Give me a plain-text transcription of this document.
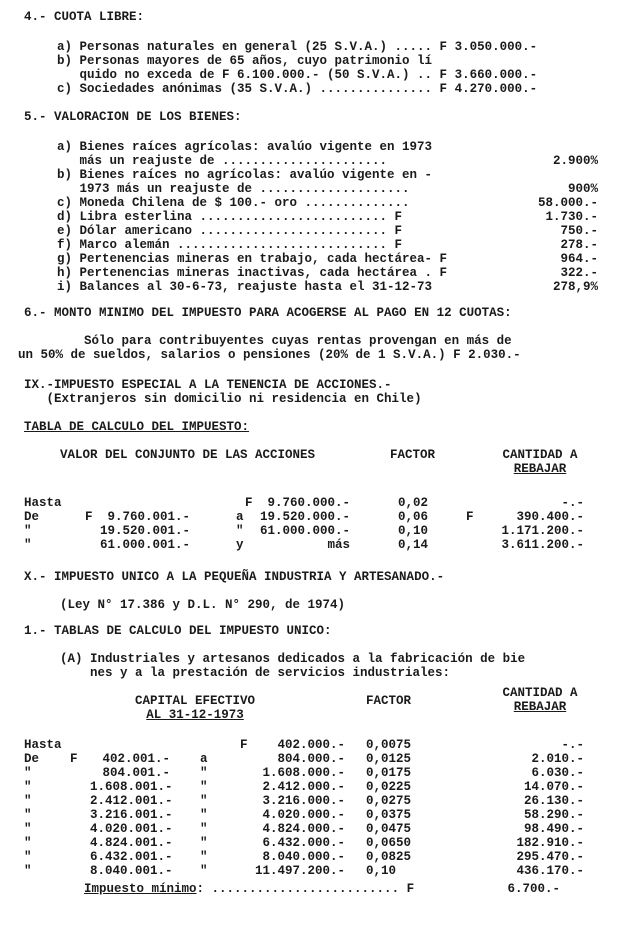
4.- CUOTA LIBRE:
a) Personas naturales en general (25 S.V.A.) ..... F 3.050.000.-
b) Personas mayores de 65 años, cuyo patrimonio lí
quido no exceda de F 6.100.000.- (50 S.V.A.) .. F 3.660.000.-
c) Sociedades anónimas (35 S.V.A.) ............... F 4.270.000.-
5.- VALORACION DE LOS BIENES:
a) Bienes raíces agrícolas: avalúo vigente en 1973
más un reajuste de ......................	2.900%
b) Bienes raíces no agrícolas: avalúo vigente en -
1973 más un reajuste de ....................	900%
c) Moneda Chilena de $ 100.- oro ..............	58.000.-
d) Libra esterlina ......................... F	1.730.-
e) Dólar americano ......................... F	750.-
f) Marco alemán ............................ F	278.-
g) Pertenencias mineras en trabajo, cada hectárea- F	964.-
h) Pertenencias mineras inactivas, cada hectárea . F	322.-
i) Balances al 30-6-73, reajuste hasta el 31-12-73	278,9%
6.- MONTO MINIMO DEL IMPUESTO PARA ACOGERSE AL PAGO EN 12 CUOTAS:
Sólo para contribuyentes cuyas rentas provengan en más de
un 50% de sueldos, salarios o pensiones (20% de 1 S.V.A.) F 2.030.-
IX.-IMPUESTO ESPECIAL A LA TENENCIA DE ACCIONES.-
(Extranjeros sin domicilio ni residencia en Chile)
TABLA DE CALCULO DEL IMPUESTO:
VALOR DEL CONJUNTO DE LAS ACCIONES	FACTOR	CANTIDAD A
REBAJAR
Hasta	F  9.760.000.-	0,02	-.-
De	F  9.760.001.-	a	19.520.000.-	0,06	F	390.400.-
"	19.520.001.-	"	61.000.000.-	0,10	1.171.200.-
"	61.000.001.-	y	más	0,14	3.611.200.-
X.- IMPUESTO UNICO A LA PEQUEÑA INDUSTRIA Y ARTESANADO.-
(Ley N° 17.386 y D.L. N° 290, de 1974)
1.- TABLAS DE CALCULO DEL IMPUESTO UNICO:
(A) Industriales y artesanos dedicados a la fabricación de bie
nes y a la prestación de servicios industriales:
CAPITAL EFECTIVO
AL 31-12-1973
FACTOR
CANTIDAD A
REBAJAR
Hasta	F    402.000.- 0,0075	-.-
De F	402.001.- a	804.000.- 0,0125	2.010.-
"	804.001.- "	1.608.000.- 0,0175	6.030.-
"	1.608.001.- "	2.412.000.- 0,0225	14.070.-
"	2.412.001.- "	3.216.000.- 0,0275	26.130.-
"	3.216.001.- "	4.020.000.- 0,0375	58.290.-
"	4.020.001.- "	4.824.000.- 0,0475	98.490.-
"	4.824.001.- "	6.432.000.- 0,0650	182.910.-
"	6.432.001.- "	8.040.000.- 0,0825	295.470.-
"	8.040.001.- "	11.497.200.- 0,10	436.170.-
Impuesto mínimo: ......................... F	6.700.-
